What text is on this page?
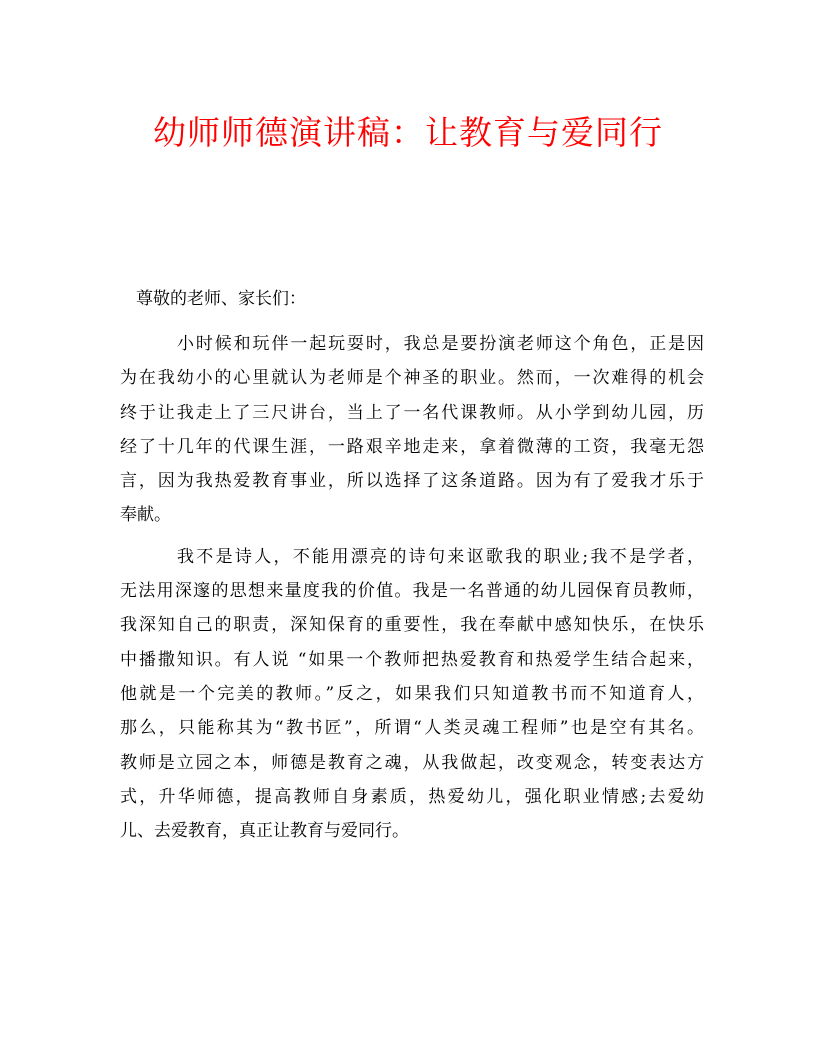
幼师师德演讲稿：让教育与爱同行

尊敬的老师、家长们：

小时候和玩伴一起玩耍时，我总是要扮演老师这个角色，正是因
为在我幼小的心里就认为老师是个神圣的职业。然而，一次难得的机会
终于让我走上了三尺讲台，当上了一名代课教师。从小学到幼儿园，历
经了十几年的代课生涯，一路艰辛地走来，拿着微薄的工资，我毫无怨
言，因为我热爱教育事业，所以选择了这条道路。因为有了爱我才乐于
奉献。

我不是诗人，不能用漂亮的诗句来讴歌我的职业;我不是学者，
无法用深邃的思想来量度我的价值。我是一名普通的幼儿园保育员教师，
我深知自己的职责，深知保育的重要性，我在奉献中感知快乐，在快乐
中播撒知识。有人说 “如果一个教师把热爱教育和热爱学生结合起来，
他就是一个完美的教师。”反之，如果我们只知道教书而不知道育人，
那么，只能称其为“教书匠”，所谓“人类灵魂工程师”也是空有其名。
教师是立园之本，师德是教育之魂，从我做起，改变观念，转变表达方
式，升华师德，提高教师自身素质，热爱幼儿，强化职业情感;去爱幼
儿、去爱教育，真正让教育与爱同行。
